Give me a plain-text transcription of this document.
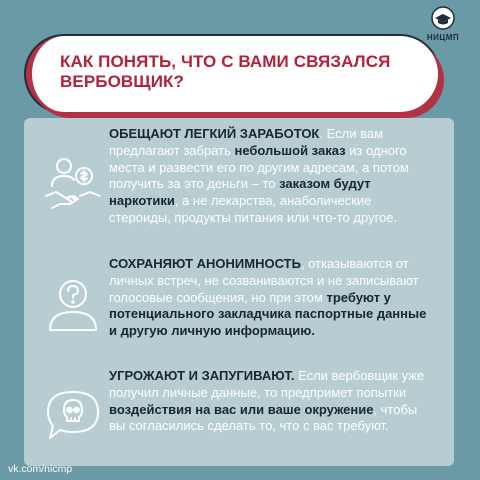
НИЦМП
КАК ПОНЯТЬ, ЧТО С ВАМИ СВЯЗАЛСЯ ВЕРБОВЩИК?
ОБЕЩАЮТ ЛЕГКИЙ ЗАРАБОТОК. Если вам предлагают забрать небольшой заказ из одного места и развести его по другим адресам, а потом получить за это деньги – то заказом будут наркотики, а не лекарства, анаболические стероиды, продукты питания или что-то другое.
СОХРАНЯЮТ АНОНИМНОСТЬ, отказываются от личных встреч, не созваниваются и не записывают голосовые сообщения, но при этом требуют у потенциального закладчика паспортные данные и другую личную информацию.
УГРОЖАЮТ И ЗАПУГИВАЮТ. Если вербовщик уже получил личные данные, то предпримет попытки воздействия на вас или ваше окружение, чтобы вы согласились сделать то, что с вас требуют.
vk.com/nicmp
